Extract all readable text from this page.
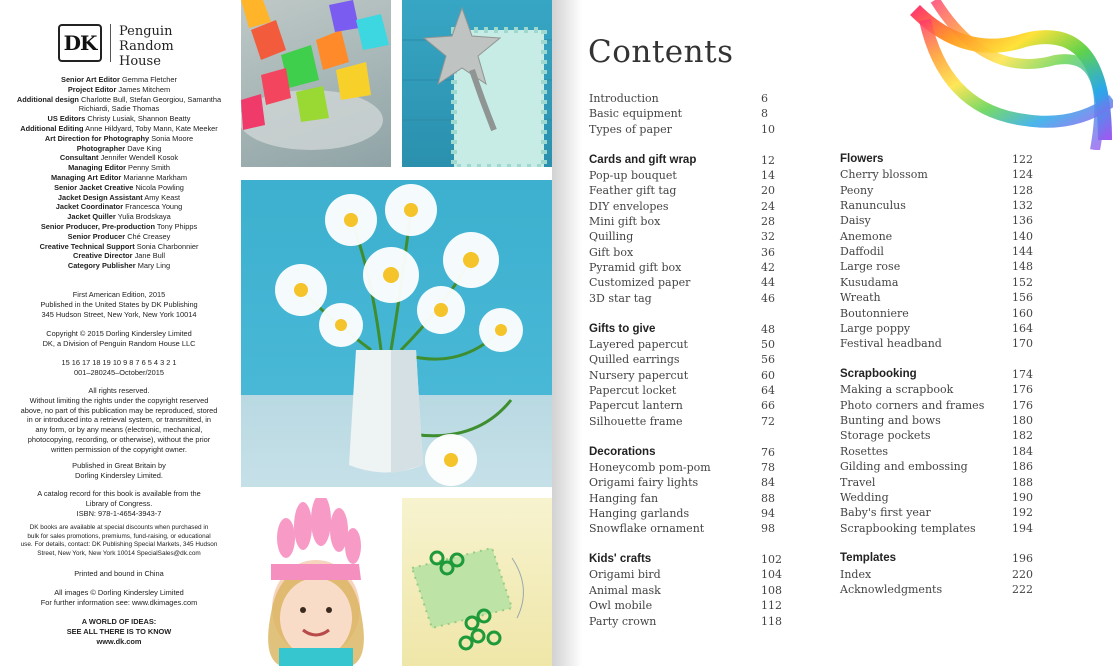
DK Penguin
Random
House
Senior Art Editor Gemma Fletcher
Project Editor James Mitchem
Additional design Charlotte Bull, Stefan Georgiou, Samantha Richiardi, Sadie Thomas
US Editors Christy Lusiak, Shannon Beatty
Additional Editing Anne Hildyard, Toby Mann, Kate Meeker
Art Direction for Photography Sonia Moore
Photographer Dave King
Consultant Jennifer Wendell Kosok
Managing Editor Penny Smith
Managing Art Editor Marianne Markham
Senior Jacket Creative Nicola Powling
Jacket Design Assistant Amy Keast
Jacket Coordinator Francesca Young
Jacket Quiller Yulia Brodskaya
Senior Producer, Pre-production Tony Phipps
Senior Producer Ché Creasey
Creative Technical Support Sonia Charbonnier
Creative Director Jane Bull
Category Publisher Mary Ling
First American Edition, 2015
Published in the United States by DK Publishing
345 Hudson Street, New York, New York 10014
Copyright © 2015 Dorling Kindersley Limited
DK, a Division of Penguin Random House LLC
15 16 17 18 19 10 9 8 7 6 5 4 3 2 1
001–280245–October/2015
All rights reserved.
Without limiting the rights under the copyright reserved
above, no part of this publication may be reproduced, stored
in or introduced into a retrieval system, or transmitted, in
any form, or by any means (electronic, mechanical,
photocopying, recording, or otherwise), without the prior
written permission of the copyright owner.
Published in Great Britain by
Dorling Kindersley Limited.
A catalog record for this book is available from the
Library of Congress.
ISBN: 978-1-4654-3943-7
DK books are available at special discounts when purchased in
bulk for sales promotions, premiums, fund-raising, or educational
use. For details, contact: DK Publishing Special Markets, 345 Hudson
Street, New York, New York 10014 SpecialSales@dk.com
Printed and bound in China
All images © Dorling Kindersley Limited
For further information see: www.dkimages.com
A WORLD OF IDEAS:
SEE ALL THERE IS TO KNOW
www.dk.com
Contents
Introduction	6
Basic equipment	8
Types of paper	10
Cards and gift wrap	12
Pop-up bouquet	14
Feather gift tag	20
DIY envelopes	24
Mini gift box	28
Quilling	32
Gift box	36
Pyramid gift box	42
Customized paper	44
3D star tag	46
Gifts to give	48
Layered papercut	50
Quilled earrings	56
Nursery papercut	60
Papercut locket	64
Papercut lantern	66
Silhouette frame	72
Decorations	76
Honeycomb pom-pom	78
Origami fairy lights	84
Hanging fan	88
Hanging garlands	94
Snowflake ornament	98
Kids' crafts	102
Origami bird	104
Animal mask	108
Owl mobile	112
Party crown	118
Flowers	122
Cherry blossom	124
Peony	128
Ranunculus	132
Daisy	136
Anemone	140
Daffodil	144
Large rose	148
Kusudama	152
Wreath	156
Boutonniere	160
Large poppy	164
Festival headband	170
Scrapbooking	174
Making a scrapbook	176
Photo corners and frames	176
Bunting and bows	180
Storage pockets	182
Rosettes	184
Gilding and embossing	186
Travel	188
Wedding	190
Baby's first year	192
Scrapbooking templates	194
Templates	196
Index	220
Acknowledgments	222
